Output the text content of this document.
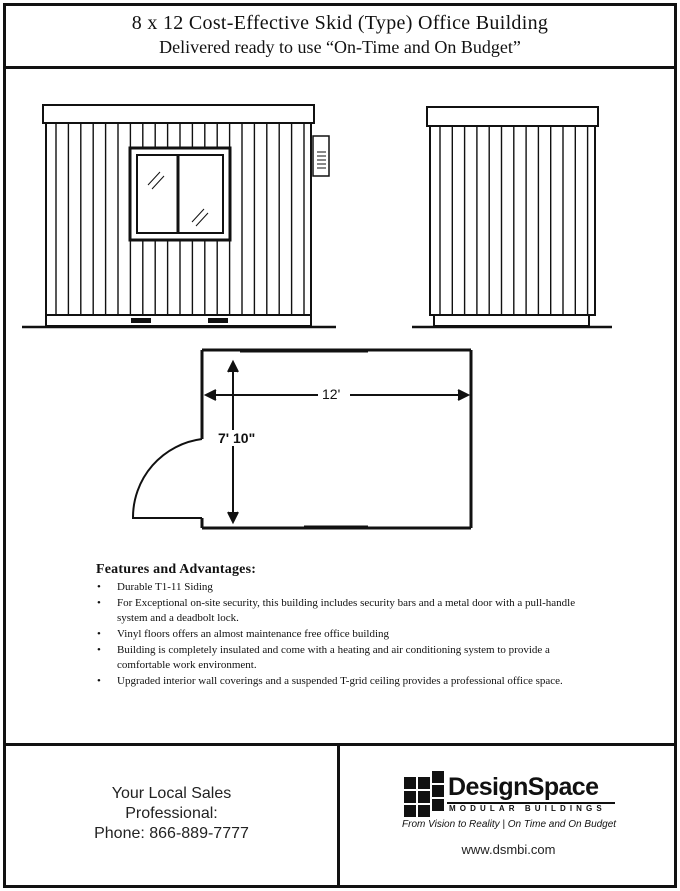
8 x 12 Cost-Effective Skid (Type) Office Building
Delivered ready to use “On-Time and On Budget”
12'
7' 10"
Features and Advantages:
• Durable T1-11 Siding
• For Exceptional on-site security, this building includes security bars and a metal door with a pull-handle system and a deadbolt lock.
• Vinyl floors offers an almost maintenance free office building
• Building is completely insulated and come with a heating and air conditioning system to provide a comfortable work environment.
• Upgraded interior wall coverings and a suspended T-grid ceiling provides a professional office space.
Your Local Sales
Professional:
Phone: 866-889-7777
DesignSpace
MODULAR BUILDINGS
From Vision to Reality | On Time and On Budget
www.dsmbi.com
